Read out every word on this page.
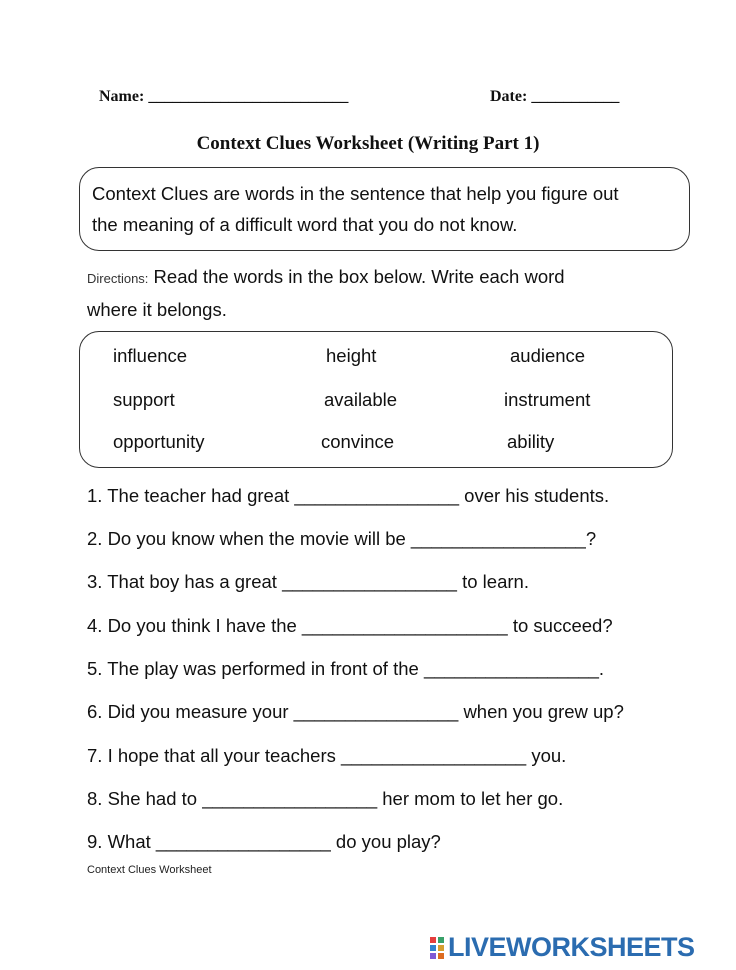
Name: _________________________	Date: ___________
Context Clues Worksheet (Writing Part 1)

Context Clues are words in the sentence that help you figure out

the meaning of a difficult word that you do not know.

Directions: Read the words in the box below. Write each word
where it belongs.

influence	height	audience
support	available	instrument
opportunity	convince	ability

1. The teacher had great ________________ over his students.

2. Do you know when the movie will be _________________?

3. That boy has a great _________________ to learn.

4. Do you think I have the ____________________ to succeed?

5. The play was performed in front of the _________________.

6. Did you measure your ________________ when you grew up?

7. I hope that all your teachers __________________ you.

8. She had to _________________ her mom to let her go.

9. What _________________ do you play?

Context Clues Worksheet
LIVEWORKSHEETS
